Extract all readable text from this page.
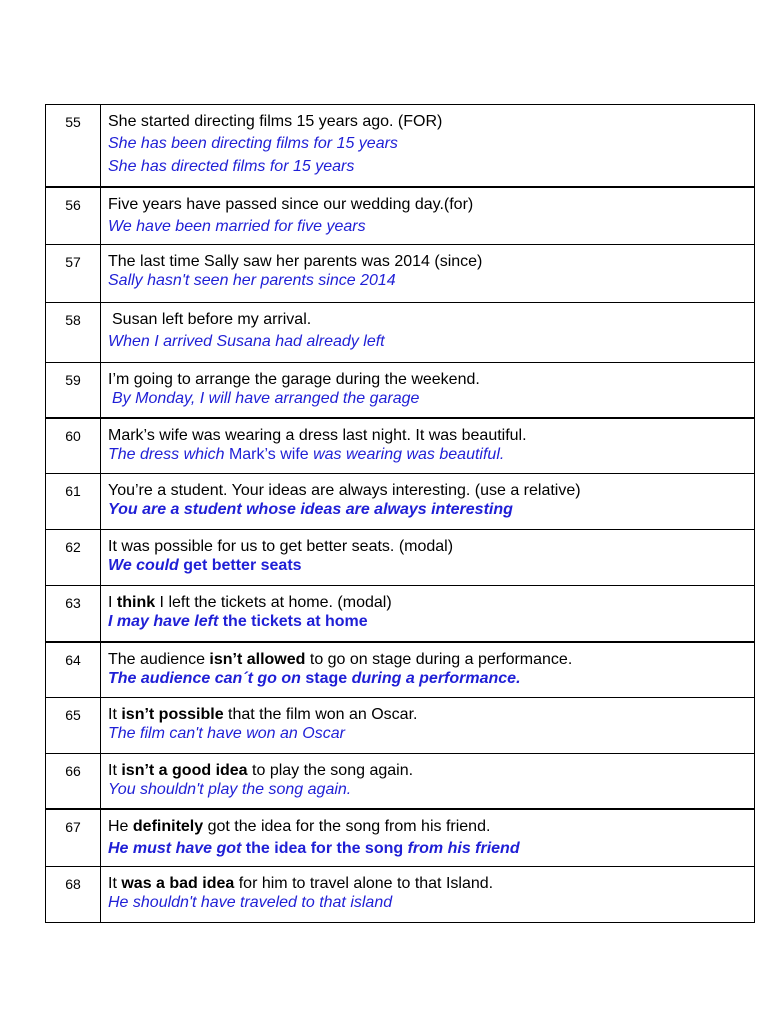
55	She started directing films 15 years ago. (FOR)
She has been directing films for 15 years
She has directed films for 15 years

56	Five years have passed since our wedding day.(for)
We have been married for five years

57	The last time Sally saw her parents was 2014 (since)
Sally hasn't seen her parents since 2014

58	Susan left before my arrival.
When I arrived Susana had already left

59	I’m going to arrange the garage during the weekend.
By Monday, I will have arranged the garage

60	Mark’s wife was wearing a dress last night. It was beautiful.
The dress which Mark’s wife was wearing was beautiful.

61	You’re a student. Your ideas are always interesting. (use a relative)
You are a student whose ideas are always interesting

62	It was possible for us to get better seats. (modal)
We could get better seats

63	I think I left the tickets at home. (modal)
I may have left the tickets at home

64	The audience isn’t allowed to go on stage during a performance.
The audience can´t go on stage during a performance.

65	It isn’t possible that the film won an Oscar.
The film can't have won an Oscar

66	It isn’t a good idea to play the song again.
You shouldn't play the song again.

67	He definitely got the idea for the song from his friend.
He must have got the idea for the song from his friend

68	It was a bad idea for him to travel alone to that Island.
He shouldn't have traveled to that island
